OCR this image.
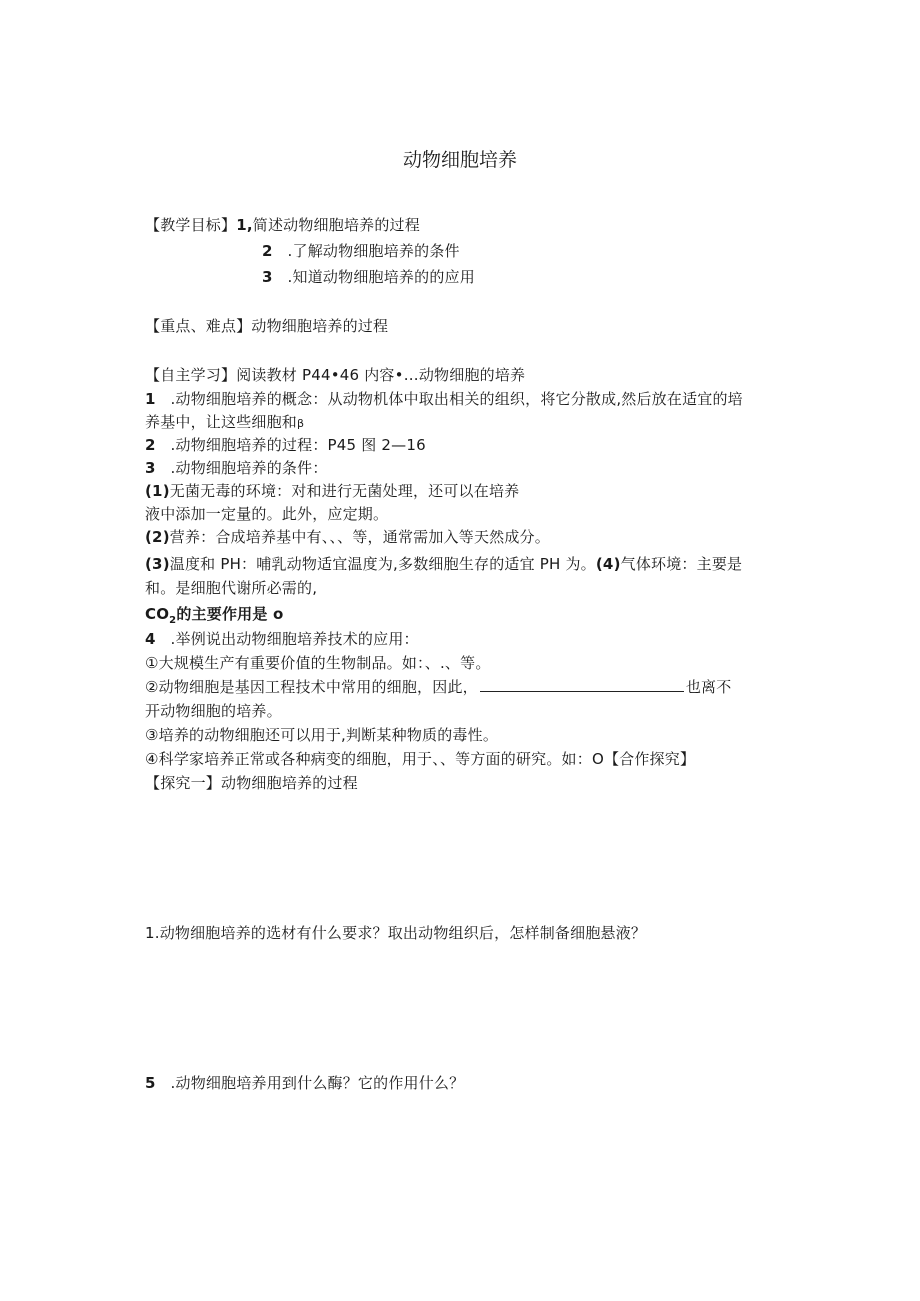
动物细胞培养
【教学目标】1,简述动物细胞培养的过程
2 .了解动物细胞培养的条件
3 .知道动物细胞培养的的应用
【重点、难点】动物细胞培养的过程
【自主学习】阅读教材 P44•46 内容•…动物细胞的培养
1 .动物细胞培养的概念：从动物机体中取出相关的组织，将它分散成,然后放在适宜的培
养基中，让这些细胞和β
2 .动物细胞培养的过程：P45 图 2—16
3 .动物细胞培养的条件：
(1)无菌无毒的环境：对和进行无菌处理，还可以在培养
液中添加一定量的。此外，应定期。
(2)营养：合成培养基中有、、、等，通常需加入等天然成分。
(3)温度和 PH：哺乳动物适宜温度为,多数细胞生存的适宜 PH 为。(4)气体环境：主要是
和。是细胞代谢所必需的,
$CO_2$的主要作用是 o
4 .举例说出动物细胞培养技术的应用：
①大规模生产有重要价值的生物制品。如：、.、等。
②动物细胞是基因工程技术中常用的细胞，因此，	也离不
开动物细胞的培养。
③培养的动物细胞还可以用于,判断某种物质的毒性。
④科学家培养正常或各种病变的细胞，用于、、等方面的研究。如：O【合作探究】
【探究一】动物细胞培养的过程
1.动物细胞培养的选材有什么要求？取出动物组织后，怎样制备细胞悬液？
5 .动物细胞培养用到什么酶？它的作用什么？
